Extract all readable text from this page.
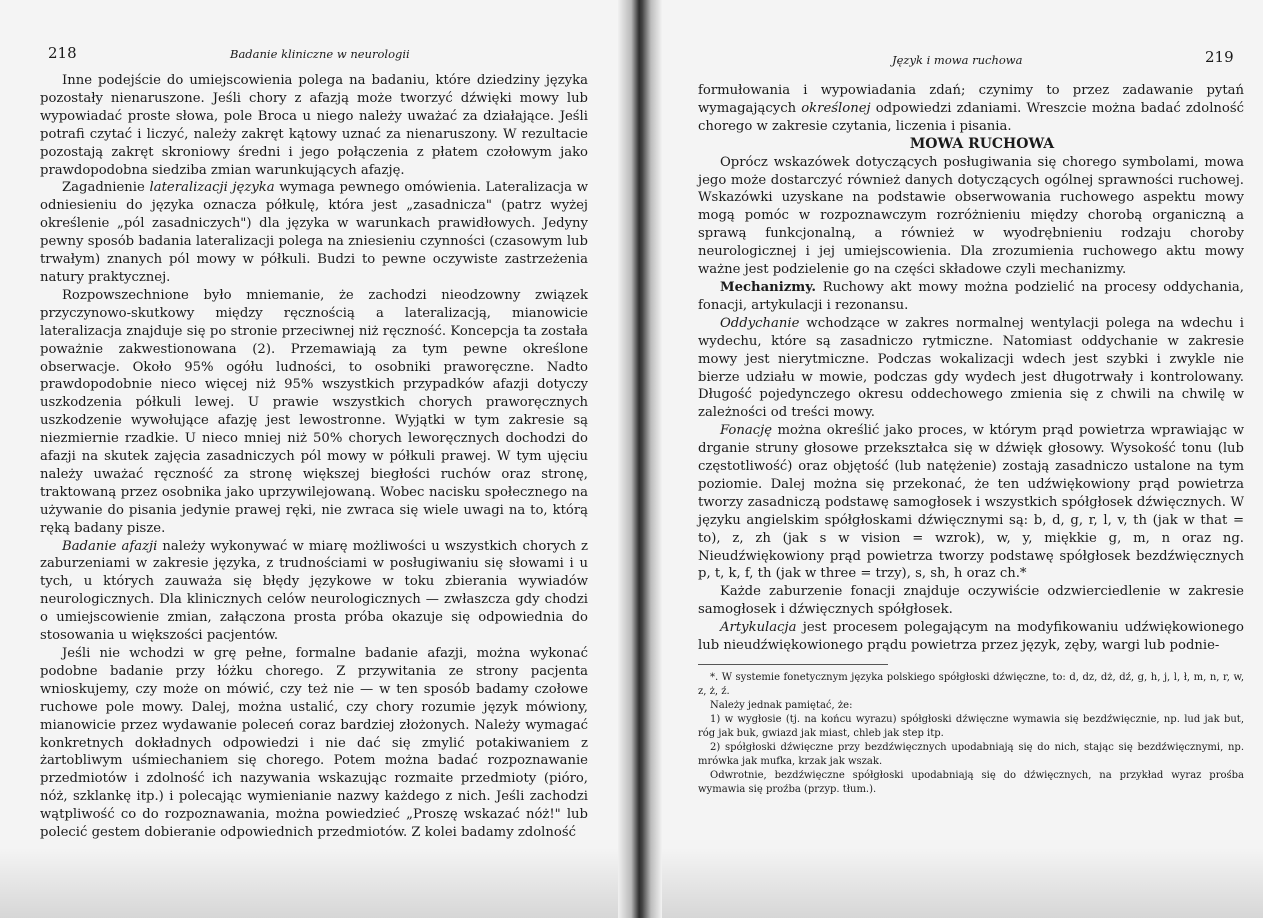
218	Badanie kliniczne w neurologii

Inne podejście do umiejscowienia polega na badaniu, które dziedziny języka pozostały nienaruszone. Jeśli chory z afazją może tworzyć dźwięki mowy lub wypowiadać proste słowa, pole Broca u niego należy uważać za działające. Jeśli potrafi czytać i liczyć, należy zakręt kątowy uznać za nienaruszony. W rezultacie pozostają zakręt skroniowy średni i jego połączenia z płatem czołowym jako prawdopodobna siedziba zmian warunkujących afazję.

Zagadnienie lateralizacji języka wymaga pewnego omówienia. Lateralizacja w odniesieniu do języka oznacza półkulę, która jest „zasadnicza" (patrz wyżej określenie „pól zasadniczych") dla języka w warunkach prawidłowych. Jedyny pewny sposób badania lateralizacji polega na zniesieniu czynności (czasowym lub trwałym) znanych pól mowy w półkuli. Budzi to pewne oczywiste zastrzeżenia natury praktycznej.

Rozpowszechnione było mniemanie, że zachodzi nieodzowny związek przyczynowo-skutkowy między ręcznością a lateralizacją, mianowicie lateralizacja znajduje się po stronie przeciwnej niż ręczność. Koncepcja ta została poważnie zakwestionowana (2). Przemawiają za tym pewne określone obserwacje. Około 95% ogółu ludności, to osobniki praworęczne. Nadto prawdopodobnie nieco więcej niż 95% wszystkich przypadków afazji dotyczy uszkodzenia półkuli lewej. U prawie wszystkich chorych praworęcznych uszkodzenie wywołujące afazję jest lewostronne. Wyjątki w tym zakresie są niezmiernie rzadkie. U nieco mniej niż 50% chorych leworęcznych dochodzi do afazji na skutek zajęcia zasadniczych pól mowy w półkuli prawej. W tym ujęciu należy uważać ręczność za stronę większej biegłości ruchów oraz stronę, traktowaną przez osobnika jako uprzywilejowaną. Wobec nacisku społecznego na używanie do pisania jedynie prawej ręki, nie zwraca się wiele uwagi na to, którą ręką badany pisze.

Badanie afazji należy wykonywać w miarę możliwości u wszystkich chorych z zaburzeniami w zakresie języka, z trudnościami w posługiwaniu się słowami i u tych, u których zauważa się błędy językowe w toku zbierania wywiadów neurologicznych. Dla klinicznych celów neurologicznych — zwłaszcza gdy chodzi o umiejscowienie zmian, załączona prosta próba okazuje się odpowiednia do stosowania u większości pacjentów.

Jeśli nie wchodzi w grę pełne, formalne badanie afazji, można wykonać podobne badanie przy łóżku chorego. Z przywitania ze strony pacjenta wnioskujemy, czy może on mówić, czy też nie — w ten sposób badamy czołowe ruchowe pole mowy. Dalej, można ustalić, czy chory rozumie język mówiony, mianowicie przez wydawanie poleceń coraz bardziej złożonych. Należy wymagać konkretnych dokładnych odpowiedzi i nie dać się zmylić potakiwaniem z żartobliwym uśmiechaniem się chorego. Potem można badać rozpoznawanie przedmiotów i zdolność ich nazywania wskazując rozmaite przedmioty (pióro, nóż, szklankę itp.) i polecając wymienianie nazwy każdego z nich. Jeśli zachodzi wątpliwość co do rozpoznawania, można powiedzieć „Proszę wskazać nóż!" lub polecić gestem dobieranie odpowiednich przedmiotów. Z kolei badamy zdolność

Język i mowa ruchowa	219

formułowania i wypowiadania zdań; czynimy to przez zadawanie pytań wymagających określonej odpowiedzi zdaniami. Wreszcie można badać zdolność chorego w zakresie czytania, liczenia i pisania.

MOWA RUCHOWA

Oprócz wskazówek dotyczących posługiwania się chorego symbolami, mowa jego może dostarczyć również danych dotyczących ogólnej sprawności ruchowej. Wskazówki uzyskane na podstawie obserwowania ruchowego aspektu mowy mogą pomóc w rozpoznawczym rozróżnieniu między chorobą organiczną a sprawą funkcjonalną, a również w wyodrębnieniu rodzaju choroby neurologicznej i jej umiejscowienia. Dla zrozumienia ruchowego aktu mowy ważne jest podzielenie go na części składowe czyli mechanizmy.

Mechanizmy. Ruchowy akt mowy można podzielić na procesy oddychania, fonacji, artykulacji i rezonansu.

Oddychanie wchodzące w zakres normalnej wentylacji polega na wdechu i wydechu, które są zasadniczo rytmiczne. Natomiast oddychanie w zakresie mowy jest nierytmiczne. Podczas wokalizacji wdech jest szybki i zwykle nie bierze udziału w mowie, podczas gdy wydech jest długotrwały i kontrolowany. Długość pojedynczego okresu oddechowego zmienia się z chwili na chwilę w zależności od treści mowy.

Fonację można określić jako proces, w którym prąd powietrza wprawiając w drganie struny głosowe przekształca się w dźwięk głosowy. Wysokość tonu (lub częstotliwość) oraz objętość (lub natężenie) zostają zasadniczo ustalone na tym poziomie. Dalej można się przekonać, że ten udźwiękowiony prąd powietrza tworzy zasadniczą podstawę samogłosek i wszystkich spółgłosek dźwięcznych. W języku angielskim spółgłoskami dźwięcznymi są: b, d, g, r, l, v, th (jak w that = to), z, zh (jak s w vision = wzrok), w, y, miękkie g, m, n oraz ng. Nieudźwiękowiony prąd powietrza tworzy podstawę spółgłosek bezdźwięcznych p, t, k, f, th (jak w three = trzy), s, sh, h oraz ch.*

Każde zaburzenie fonacji znajduje oczywiście odzwierciedlenie w zakresie samogłosek i dźwięcznych spółgłosek.

Artykulacja jest procesem polegającym na modyfikowaniu udźwiękowionego lub nieudźwiękowionego prądu powietrza przez język, zęby, wargi lub podnie-

*. W systemie fonetycznym języka polskiego spółgłoski dźwięczne, to: d, dz, dż, dź, g, h, j, l, ł, m, n, r, w, z, ż, ź.

Należy jednak pamiętać, że:

1) w wygłosie (tj. na końcu wyrazu) spółgłoski dźwięczne wymawia się bezdźwięcznie, np. lud jak but, róg jak buk, gwiazd jak miast, chleb jak step itp.

2) spółgłoski dźwięczne przy bezdźwięcznych upodabniają się do nich, stając się bezdźwięcznymi, np. mrówka jak mufka, krzak jak wszak.

Odwrotnie, bezdźwięczne spółgłoski upodabniają się do dźwięcznych, na przykład wyraz prośba wymawia się proźba (przyp. tłum.).
